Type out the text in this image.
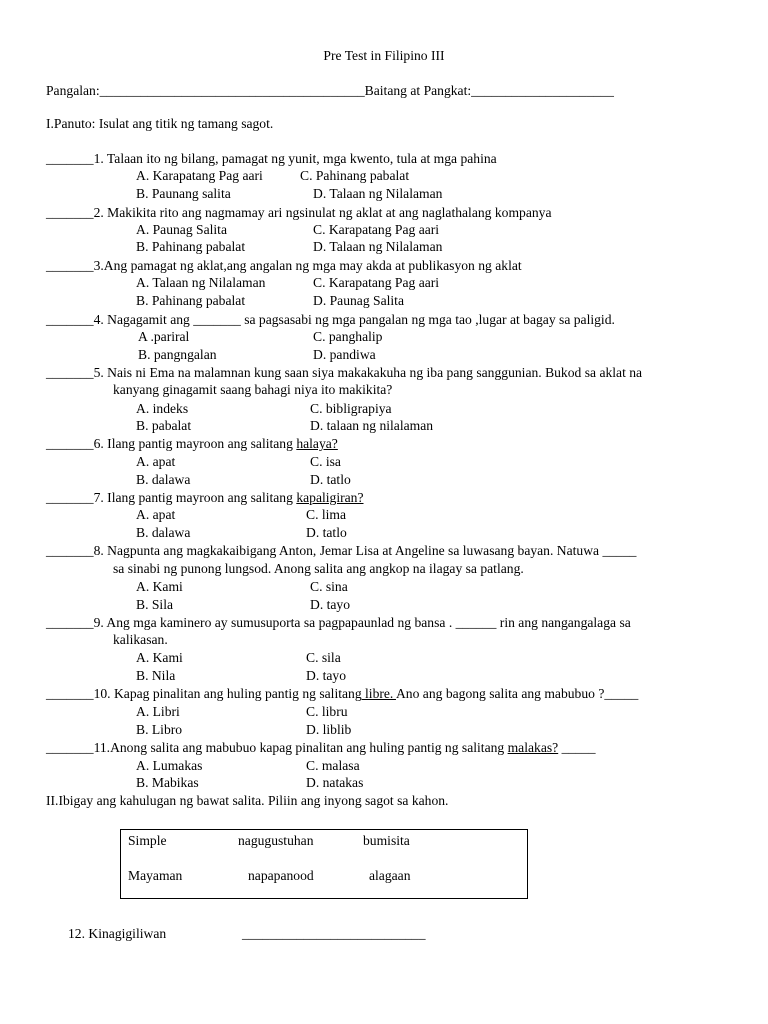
Pre Test in Filipino III
Pangalan:_______________________________________Baitang at Pangkat:_____________________
I.Panuto: Isulat ang titik ng tamang sagot.
_______1. Talaan ito ng bilang, pamagat ng yunit, mga kwento, tula at mga pahina
A. Karapatang Pag aari	C. Pahinang pabalat
B. Paunang salita	D. Talaan ng Nilalaman
_______2. Makikita rito ang nagmamay ari ngsinulat ng aklat at ang naglathalang kompanya
A. Paunag Salita	C. Karapatang Pag aari
B. Pahinang pabalat	D. Talaan ng Nilalaman
_______3.Ang pamagat ng aklat,ang angalan ng mga may akda at publikasyon ng aklat
A. Talaan ng Nilalaman	C. Karapatang Pag aari
B. Pahinang pabalat	D. Paunag Salita
_______4. Nagagamit ang _______ sa pagsasabi ng mga pangalan ng mga tao ,lugar at bagay sa paligid.
A .pariral	C. panghalip
B. pangngalan	D. pandiwa
_______5. Nais ni Ema na malamnan kung saan siya makakakuha ng iba pang sanggunian. Bukod sa aklat na
kanyang ginagamit saang bahagi niya ito makikita?
A. indeks	C. bibligrapiya
B. pabalat	D. talaan ng nilalaman
_______6. Ilang pantig mayroon ang salitang halaya?
A. apat	C. isa
B. dalawa	D. tatlo
_______7. Ilang pantig mayroon ang salitang kapaligiran?
A. apat	C. lima
B. dalawa	D. tatlo
_______8. Nagpunta ang magkakaibigang Anton, Jemar Lisa at Angeline sa luwasang bayan. Natuwa _____
sa sinabi ng punong lungsod. Anong salita ang angkop na ilagay sa patlang.
A. Kami	C. sina
B. Sila	D. tayo
_______9. Ang mga kaminero ay sumusuporta sa pagpapaunlad ng bansa . ______ rin ang nangangalaga sa
kalikasan.
A. Kami	C. sila
B. Nila	D. tayo
_______10. Kapag pinalitan ang huling pantig ng salitang libre. Ano ang bagong salita ang mabubuo ?_____
A. Libri	C. libru
B. Libro	D. liblib
_______11.Anong salita ang mabubuo kapag pinalitan ang huling pantig ng salitang malakas? _____
A. Lumakas	C. malasa
B. Mabikas	D. natakas
II.Ibigay ang kahulugan ng bawat salita. Piliin ang inyong sagot sa kahon.
Simple	nagugustuhan	bumisita
Mayaman	napapanood	alagaan
12. Kinagigiliwan	___________________________
